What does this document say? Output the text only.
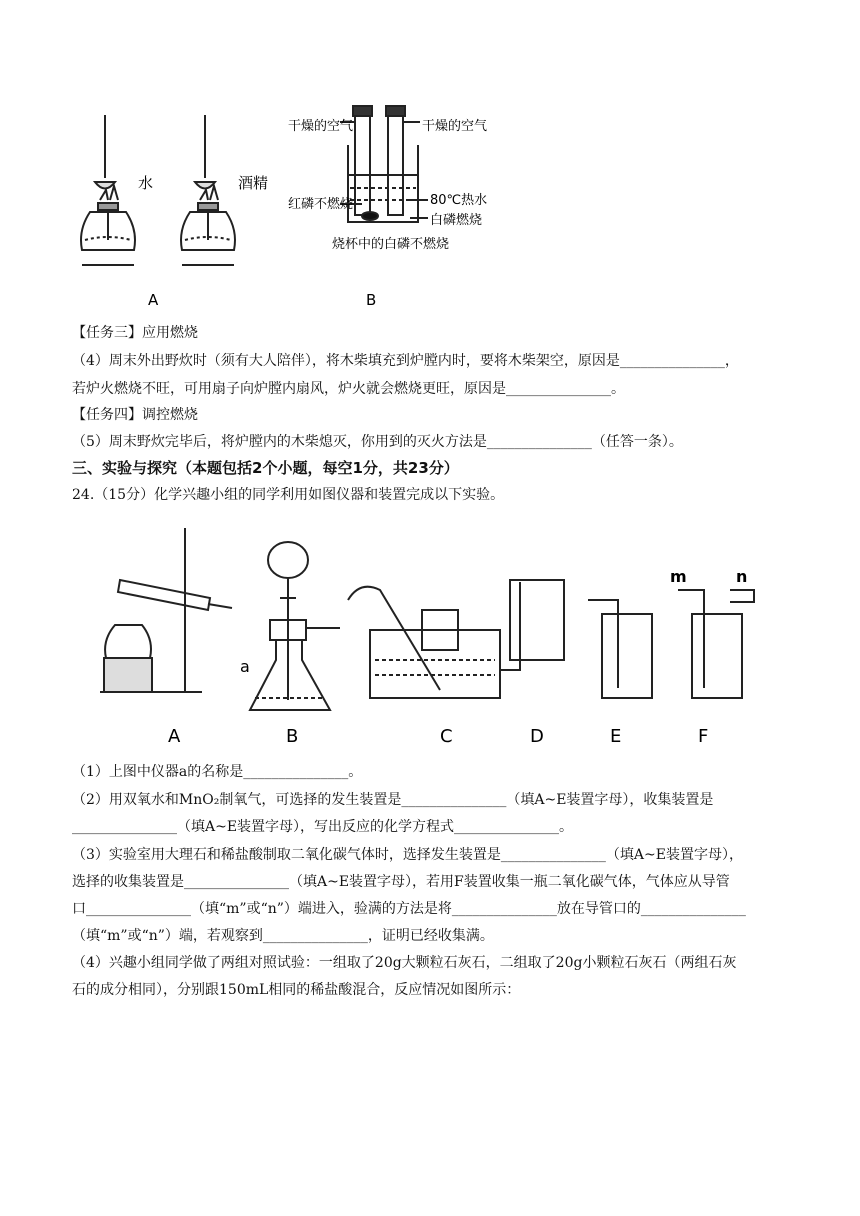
水	酒精
A	B
干燥的空气	干燥的空气
红磷不燃烧	80℃热水
白磷燃烧
烧杯中的白磷不燃烧
【任务三】应用燃烧
（4）周末外出野炊时（须有大人陪伴），将木柴填充到炉膛内时，要将木柴架空，原因是_______________，
若炉火燃烧不旺，可用扇子向炉膛内扇风，炉火就会燃烧更旺，原因是_______________。
【任务四】调控燃烧
（5）周末野炊完毕后，将炉膛内的木柴熄灭，你用到的灭火方法是_______________（任答一条）。
三、实验与探究（本题包括2个小题，每空1分，共23分）
24.（15分）化学兴趣小组的同学利用如图仪器和装置完成以下实验。
a
A	B	C	D	E	F
m	n
（1）上图中仪器a的名称是_______________。
（2）用双氧水和MnO₂制氧气，可选择的发生装置是_______________（填A~E装置字母），收集装置是
_______________（填A~E装置字母），写出反应的化学方程式_______________。
（3）实验室用大理石和稀盐酸制取二氧化碳气体时，选择发生装置是_______________（填A~E装置字母），
选择的收集装置是_______________（填A~E装置字母），若用F装置收集一瓶二氧化碳气体，气体应从导管
口_______________（填“m”或“n”）端进入，验满的方法是将_______________放在导管口的_______________
（填“m”或“n”）端，若观察到_______________，证明已经收集满。
（4）兴趣小组同学做了两组对照试验：一组取了20g大颗粒石灰石，二组取了20g小颗粒石灰石（两组石灰
石的成分相同），分别跟150mL相同的稀盐酸混合，反应情况如图所示：
